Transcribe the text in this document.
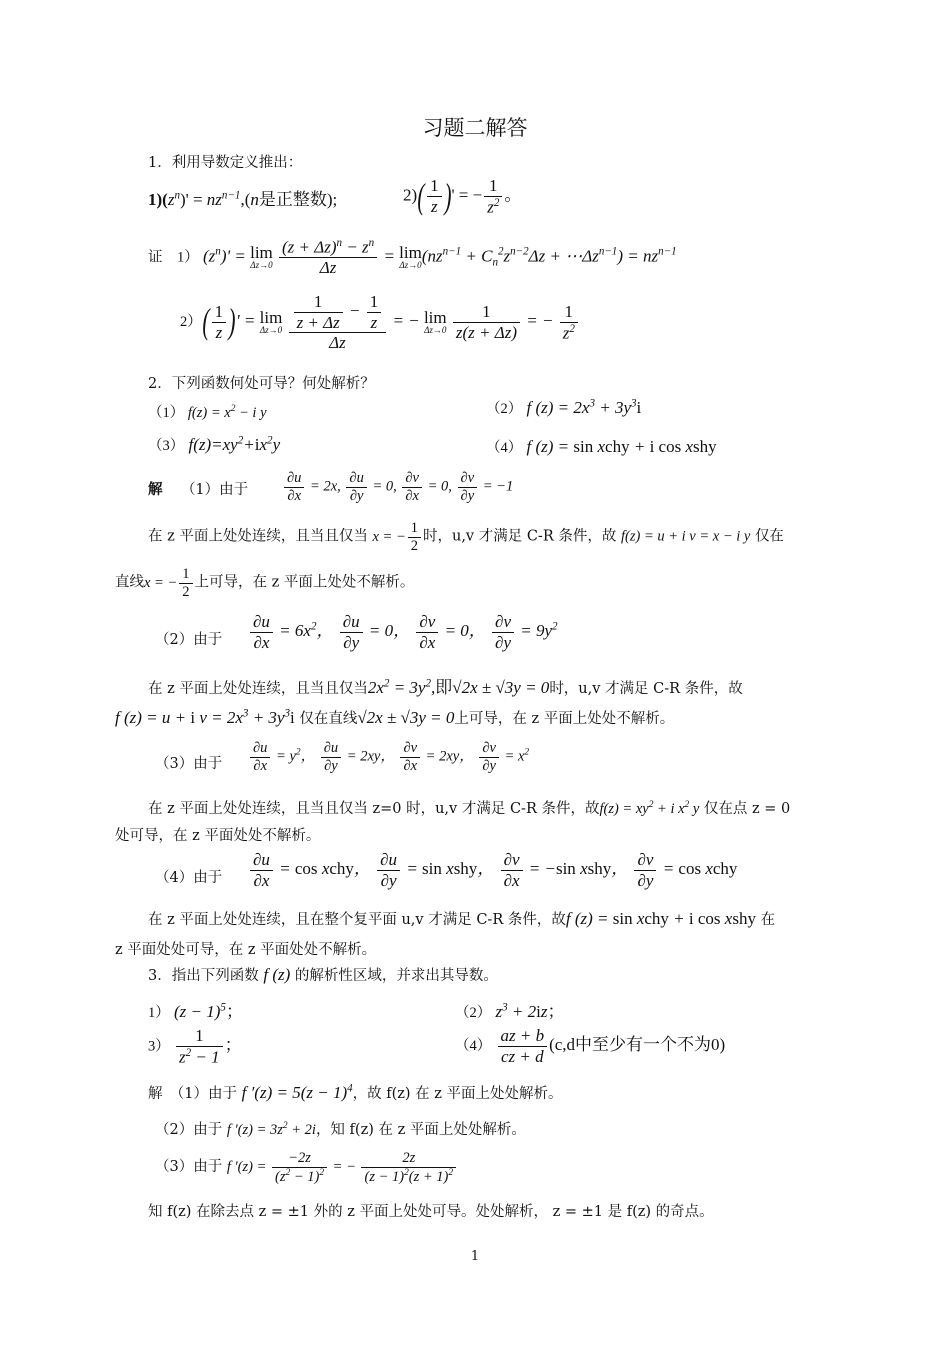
习题二解答
1．利用导数定义推出：
$1)(z^n)' = nz^{n-1},(n$是正整数);	$2)( \frac{1}{z}$ )' = − $\frac{1}{z^2}$ 。
证　1） $(z^n)' = \lim$
Δz→0
$\frac{(z + \Delta z)^n - z^n}{\Delta z} = \lim$
Δz→0
($nz^{n-1} + C_n^2z^{n-2}\Delta z$ + $\cdots\Delta z^{n-1}) = nz^{n-1}$
$2)( \frac{1}{z}$ )' = lim
Δz→0
$\frac{\frac{1}{z + \Delta z} - \frac{1}{z}}{\Delta z}$ = − lim
Δz→0
$\frac{1}{z(z + \Delta z)}$ = − $\frac{1}{z^2}$
2．下列函数何处可导？何处解析？
（1） $f(z) = x^2 - i$ y	（2） f $(z) = 2x^3 + 3y^3i$
（3） $f(z)=xy^2+ix^2y$	（4） f (z) = sin xchy + i cos xshy
解 （1）由于 $\frac{\partial u}{\partial x} = 2x$, $\frac{\partial u}{\partial y} = 0$, $\frac{\partial v}{\partial x} = 0$, $\frac{\partial v}{\partial y} = -1$
在 z 平面上处处连续，且当且仅当 x = − $\frac{1}{2}$ 时，u,v 才满足 C-R 条件，故 f(z) = u + i v = x − i y 仅在
直线x = − $\frac{1}{2}$ 上可导，在 z 平面上处处不解析。
（2）由于 $\frac{\partial u}{\partial x} = 6x^2$， $\frac{\partial u}{\partial y} = 0$， $\frac{\partial v}{\partial x} = 0$， $\frac{\partial v}{\partial y} = 9y^2$
在 z 平面上处处连续，且当且仅当$2x^2 = 3y^2$,即√2x ± √3y = 0时，u,v 才满足 C-R 条件，故
f (z) = u + i $v = 2x^3 + 3y^3i$ 仅在直线√2x ± √3y = 0上可导，在 z 平面上处处不解析。
（3）由于 $\frac{\partial u}{\partial x} = y^2$， $\frac{\partial u}{\partial y} = 2xy$， $\frac{\partial v}{\partial x} = 2xy$， $\frac{\partial v}{\partial y} = x^2$
在 z 平面上处处连续，且当且仅当 z=0 时，u,v 才满足 C-R 条件，故$f(z) = xy^2 + i$ $x^2$ y 仅在点 z = 0
处可导，在 z 平面处处不解析。
（4）由于 $\frac{\partial u}{\partial x} = \cos$ xchy， $\frac{\partial u}{\partial y} = \sin$ xshy， $\frac{\partial v}{\partial x} = -\sin$ xshy， $\frac{\partial v}{\partial y} = \cos$ xchy
在 z 平面上处处连续，且在整个复平面 u,v 才满足 C-R 条件，故f (z) = sin xchy + i cos xshy 在
z 平面处处可导，在 z 平面处处不解析。
3．指出下列函数 f (z) 的解析性区域，并求出其导数。
1） $(z - 1)^5$；	（2） $z^3 + 2iz$；
$3) \frac{1}{z^2 - 1}$ ；	$(4) \frac{az + b}{cz + d} (c,d$中至少有一个不为0)
解　（1）由于 f $'(z) = 5(z - 1)^4$，故 f(z) 在 z 平面上处处解析。
（2）由于 f $'(z) = 3z^2 + 2i$，知 f(z) 在 z 平面上处处解析。
（3）由于 f $'(z) = \frac{-2z}{(z^2 - 1)^2}$ = − $\frac{2z}{(z - 1)^2(z + 1)^2}$
知 f(z) 在除去点 z = ±1 外的 z 平面上处处可导。处处解析， z = ±1 是 f(z) 的奇点。
1
